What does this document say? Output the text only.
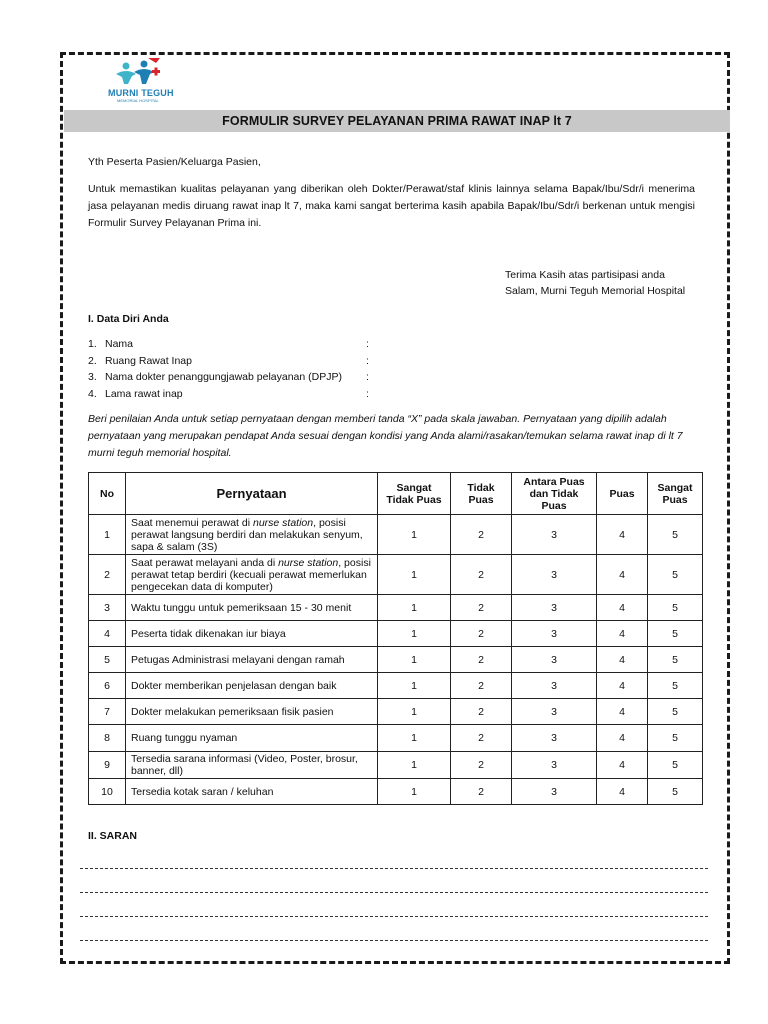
MURNI TEGUH
MEMORIAL HOSPITAL
FORMULIR SURVEY PELAYANAN PRIMA RAWAT INAP lt 7
Yth Peserta Pasien/Keluarga Pasien,
Untuk memastikan kualitas pelayanan yang diberikan oleh Dokter/Perawat/staf klinis lainnya selama Bapak/Ibu/Sdr/i menerima jasa pelayanan medis diruang rawat inap lt 7, maka kami sangat berterima kasih apabila Bapak/Ibu/Sdr/i berkenan untuk mengisi Formulir Survey Pelayanan Prima ini.
Terima Kasih atas partisipasi anda
Salam, Murni Teguh Memorial Hospital
I. Data Diri Anda
1. Nama	:
2. Ruang Rawat Inap	:
3. Nama dokter penanggungjawab pelayanan (DPJP) :
4. Lama rawat inap	:
Beri penilaian Anda untuk setiap pernyataan dengan memberi tanda “X” pada skala jawaban. Pernyataan yang dipilih adalah pernyataan yang merupakan pendapat Anda sesuai dengan kondisi yang Anda alami/rasakan/temukan selama rawat inap di lt 7 murni teguh memorial hospital.
No	Pernyataan	Sangat Tidak Puas	Tidak Puas	Antara Puas dan Tidak Puas	Puas	Sangat Puas
1	Saat menemui perawat di nurse station, posisi perawat langsung berdiri dan melakukan senyum, sapa & salam (3S)	1	2	3	4	5
2	Saat perawat melayani anda di nurse station, posisi perawat tetap berdiri (kecuali perawat memerlukan pengecekan data di komputer)	1	2	3	4	5
3	Waktu tunggu untuk pemeriksaan 15 - 30 menit	1	2	3	4	5
4	Peserta tidak dikenakan iur biaya	1	2	3	4	5
5	Petugas Administrasi melayani dengan ramah	1	2	3	4	5
6	Dokter memberikan penjelasan dengan baik	1	2	3	4	5
7	Dokter melakukan pemeriksaan fisik pasien	1	2	3	4	5
8	Ruang tunggu nyaman	1	2	3	4	5
9	Tersedia sarana informasi (Video, Poster, brosur, banner, dll)	1	2	3	4	5
10	Tersedia kotak saran / keluhan	1	2	3	4	5
II. SARAN
